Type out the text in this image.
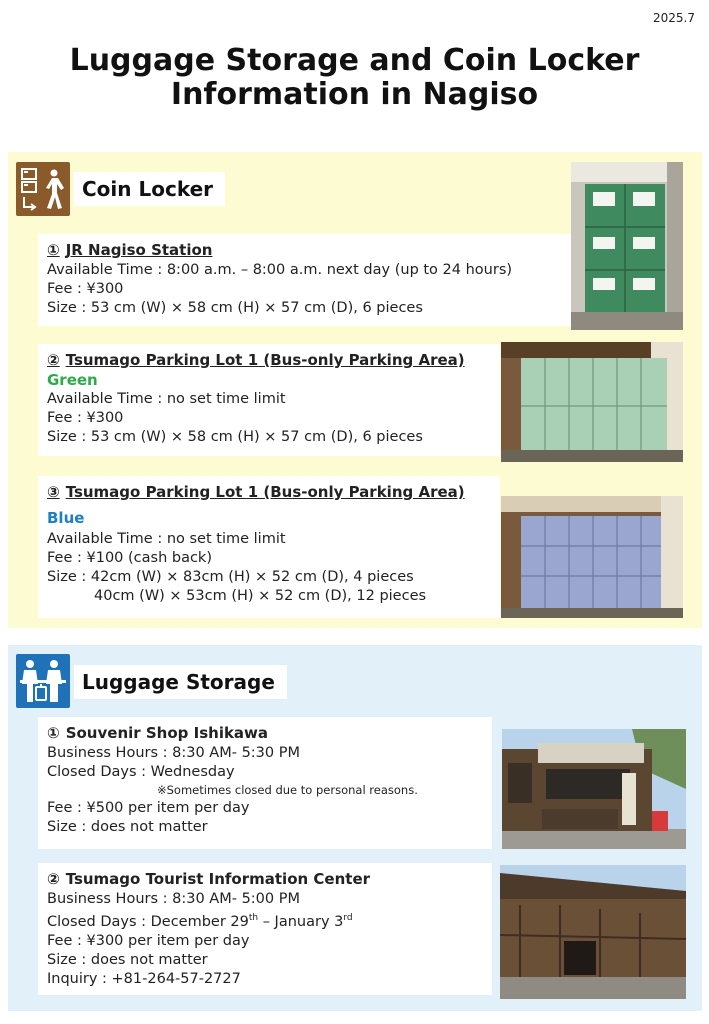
2025.7
Luggage Storage and Coin Locker
Information in Nagiso
Coin Locker
① JR Nagiso Station
Available Time : 8:00 a.m. – 8:00 a.m. next day (up to 24 hours)
Fee : ¥300
Size : 53 cm (W) × 58 cm (H) × 57 cm (D), 6 pieces
② Tsumago Parking Lot 1 (Bus-only Parking Area)
Green
Available Time : no set time limit
Fee : ¥300
Size : 53 cm (W) × 58 cm (H) × 57 cm (D), 6 pieces
③ Tsumago Parking Lot 1 (Bus-only Parking Area)
Blue
Available Time : no set time limit
Fee : ¥100 (cash back)
Size : 42cm (W) × 83cm (H) × 52 cm (D), 4 pieces
40cm (W) × 53cm (H) × 52 cm (D), 12 pieces
Luggage Storage
① Souvenir Shop Ishikawa
Business Hours : 8:30 AM- 5:30 PM
Closed Days : Wednesday
※Sometimes closed due to personal reasons.
Fee : ¥500 per item per day
Size : does not matter
② Tsumago Tourist Information Center
Business Hours : 8:30 AM- 5:00 PM
Closed Days : December 29th – January 3rd
Fee : ¥300 per item per day
Size : does not matter
Inquiry : +81-264-57-2727
